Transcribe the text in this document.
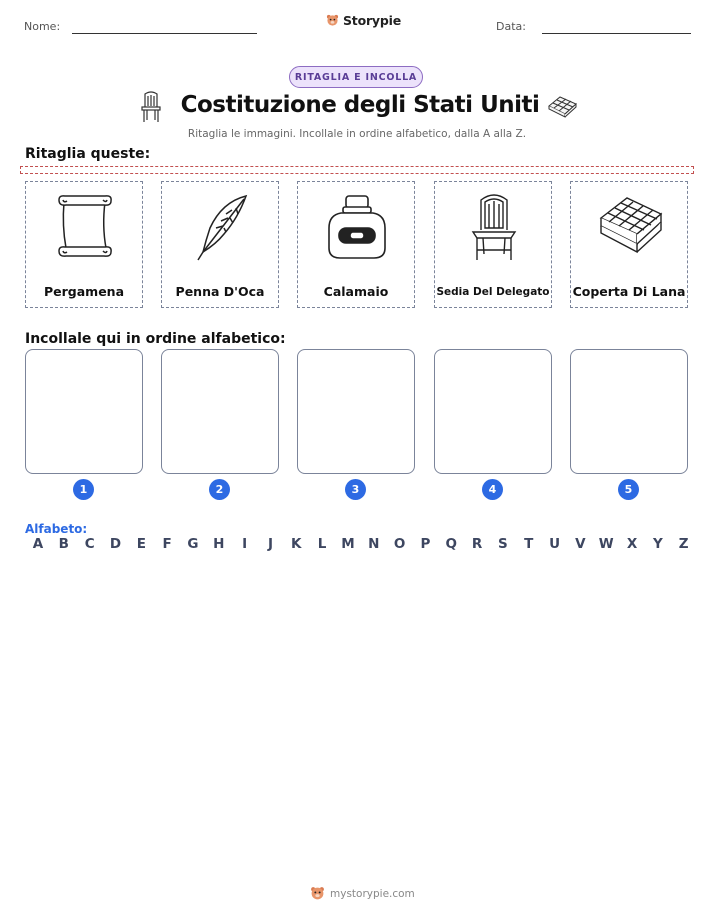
Nome:	Storypie	Data:
RITAGLIA E INCOLLA
Costituzione degli Stati Uniti
Ritaglia le immagini. Incollale in ordine alfabetico, dalla A alla Z.
Ritaglia queste:
Pergamena	Penna D'Oca	Calamaio	Sedia Del Delegato Coperta Di Lana
Incollale qui in ordine alfabetico:
1	2	3	4	5
Alfabeto:
A	B	C	D	E	F	G	H	I	J	K	L	M N	O	P	Q	R	S	T	U	V W X	Y	Z
mystorypie.com
